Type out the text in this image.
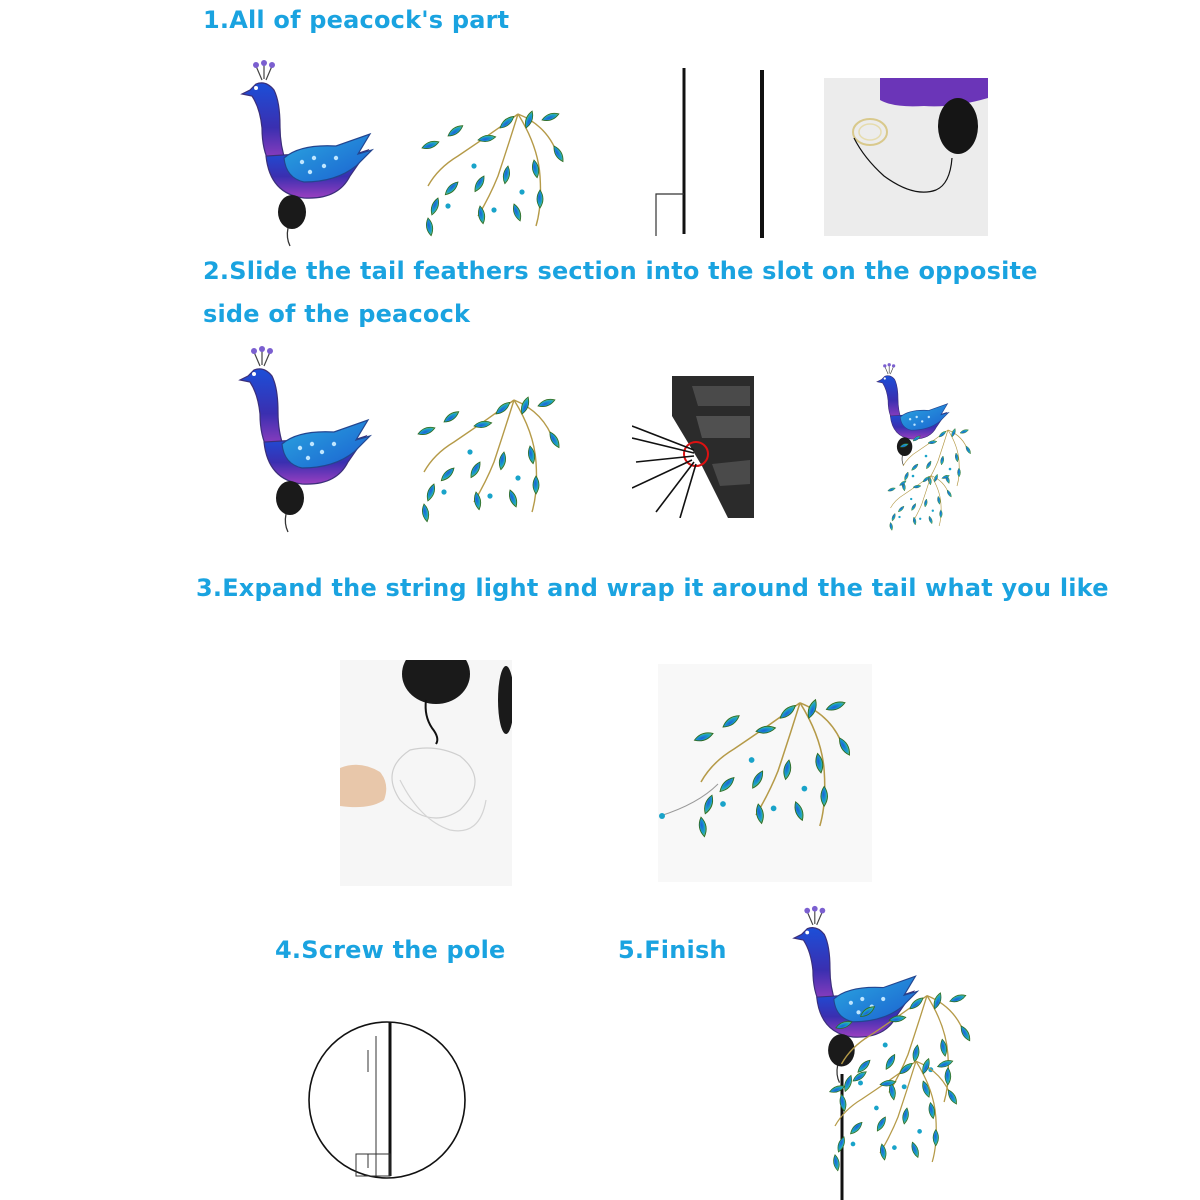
1.All of peacock's part
2.Slide the tail feathers section into the slot on the opposite
side of the peacock
3.Expand the string light and wrap it around the tail what you like
4.Screw the pole	5.Finish
